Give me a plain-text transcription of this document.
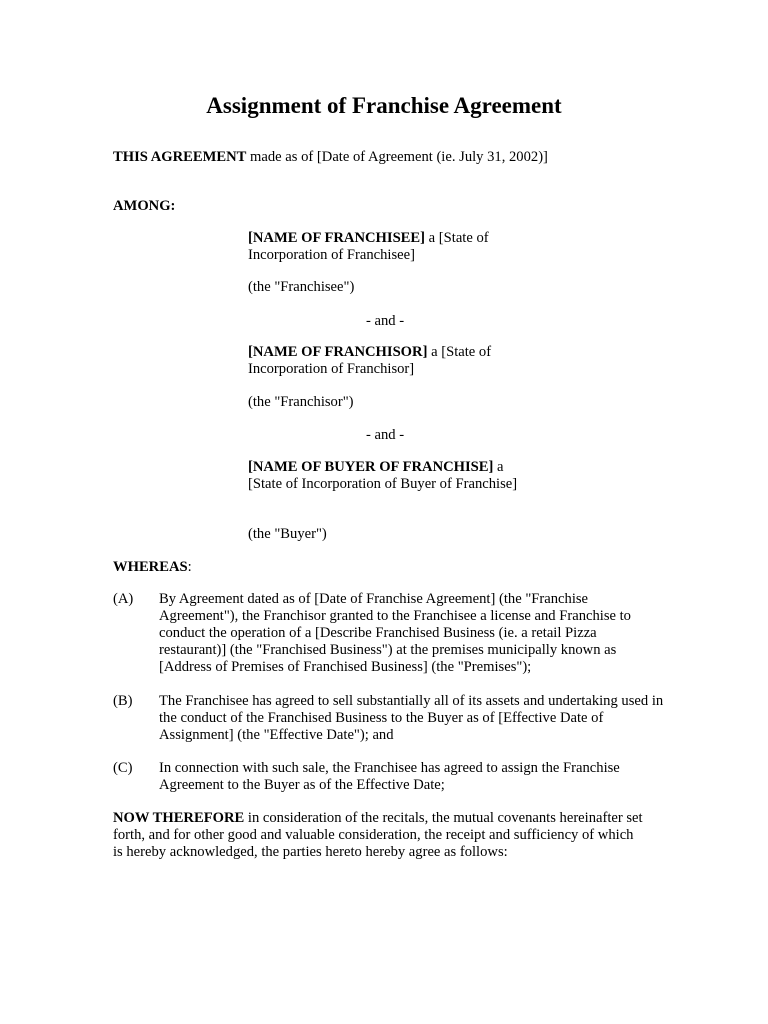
Assignment of Franchise Agreement
THIS AGREEMENT made as of [Date of Agreement (ie. July 31, 2002)]
AMONG:
[NAME OF FRANCHISEE] a [State of Incorporation of Franchisee]
(the "Franchisee")
- and -
[NAME OF FRANCHISOR] a [State of Incorporation of Franchisor]
(the "Franchisor")
- and -
[NAME OF BUYER OF FRANCHISE] a [State of Incorporation of Buyer of Franchise]
(the "Buyer")
WHEREAS:
(A) By Agreement dated as of [Date of Franchise Agreement] (the "Franchise Agreement"), the Franchisor granted to the Franchisee a license and Franchise to conduct the operation of a [Describe Franchised Business (ie. a retail Pizza restaurant)] (the "Franchised Business") at the premises municipally known as [Address of Premises of Franchised Business] (the "Premises");
(B) The Franchisee has agreed to sell substantially all of its assets and undertaking used in the conduct of the Franchised Business to the Buyer as of [Effective Date of Assignment] (the "Effective Date"); and
(C) In connection with such sale, the Franchisee has agreed to assign the Franchise Agreement to the Buyer as of the Effective Date;
NOW THEREFORE in consideration of the recitals, the mutual covenants hereinafter set forth, and for other good and valuable consideration, the receipt and sufficiency of which is hereby acknowledged, the parties hereto hereby agree as follows:
